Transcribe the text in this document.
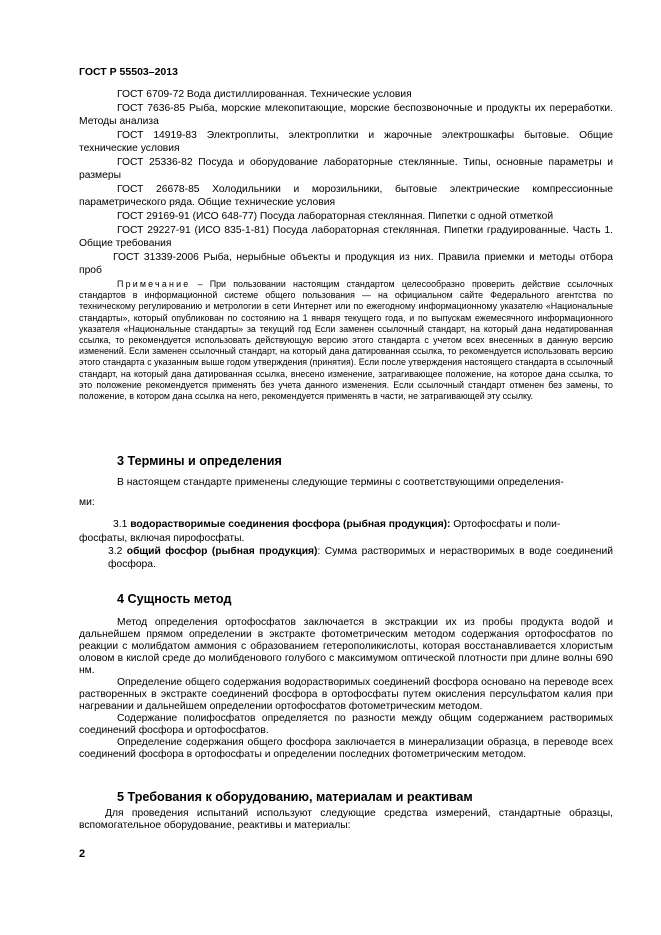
ГОСТ Р 55503–2013

ГОСТ 6709-72 Вода дистиллированная. Технические условия

ГОСТ 7636-85 Рыба, морские млекопитающие, морские беспозвоночные и продукты их переработки. Методы анализа

ГОСТ 14919-83 Электроплиты, электроплитки и жарочные электрошкафы бытовые. Общие технические условия

ГОСТ 25336-82 Посуда и оборудование лабораторные стеклянные. Типы, основные параметры и размеры

ГОСТ 26678-85 Холодильники и морозильники, бытовые электрические компрессионные параметрического ряда. Общие технические условия

ГОСТ 29169-91 (ИСО 648-77) Посуда лабораторная стеклянная. Пипетки с одной отметкой

ГОСТ 29227-91 (ИСО 835-1-81) Посуда лабораторная стеклянная. Пипетки градуированные. Часть 1. Общие требования

ГОСТ 31339-2006 Рыба, нерыбные объекты и продукция из них. Правила приемки и методы отбора проб

Примечание – При пользовании настоящим стандартом целесообразно проверить действие ссылочных стандартов в информационной системе общего пользования — на официальном сайте Федерального агентства по техническому регулированию и метрологии в сети Интернет или по ежегодному информационному указателю «Национальные стандарты», который опубликован по состоянию на 1 января текущего года, и по выпускам ежемесячного информационного указателя «Национальные стандарты» за текущий год Если заменен ссылочный стандарт, на который дана недатированная ссылка, то рекомендуется использовать действующую версию этого стандарта с учетом всех внесенных в данную версию изменений. Если заменен ссылочный стандарт, на который дана датированная ссылка, то рекомендуется использовать версию этого стандарта с указанным выше годом утверждения (принятия). Если после утверждения настоящего стандарта в ссылочный стандарт, на который дана датированная ссылка, внесено изменение, затрагивающее положение, на которое дана ссылка, то это положение рекомендуется применять без учета данного изменения. Если ссылочный стандарт отменен без замены, то положение, в котором дана ссылка на него, рекомендуется применять в части, не затрагивающей эту ссылку.

3 Термины и определения

В настоящем стандарте применены следующие термины с соответствующими определения-

ми:

3.1 водорастворимые соединения фосфора (рыбная продукция): Ортофосфаты и поли-

фосфаты, включая пирофосфаты.

3.2 общий фосфор (рыбная продукция): Сумма растворимых и нерастворимых в воде соединений фосфора.

4 Сущность метод

Метод определения ортофосфатов заключается в экстракции их из пробы продукта водой и дальнейшем прямом определении в экстракте фотометрическим методом содержания ортофосфатов по реакции с молибдатом аммония с образованием гетерополикислоты, которая восстанавливается хлористым оловом в кислой среде до молибденового голубого с максимумом оптической плотности при длине волны 690 нм.

Определение общего содержания водорастворимых соединений фосфора основано на переводе всех растворенных в экстракте соединений фосфора в ортофосфаты путем окисления персульфатом калия при нагревании и дальнейшем определении ортофосфатов фотометрическим методом.

Содержание полифосфатов определяется по разности между общим содержанием растворимых соединений фосфора и ортофосфатов.

Определение содержания общего фосфора заключается в минерализации образца, в переводе всех соединений фосфора в ортофосфаты и определении последних фотометрическим методом.

5 Требования к оборудованию, материалам и реактивам

Для проведения испытаний используют следующие средства измерений, стандартные образцы, вспомогательное оборудование, реактивы и материалы:

2
